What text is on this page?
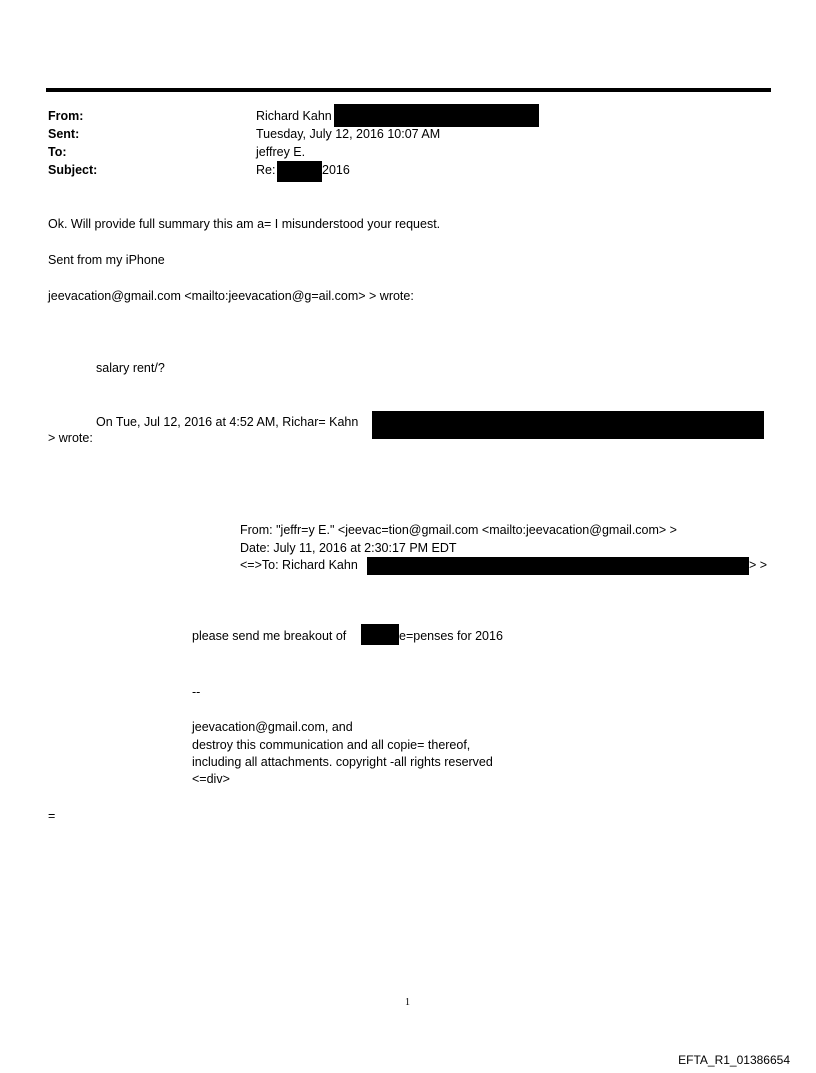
From:	Richard Kahn
Sent:	Tuesday, July 12, 2016 10:07 AM
To:	jeffrey E.
Subject:	Re:	2016
Ok. Will provide full summary this am a= I misunderstood your request.
Sent from my iPhone
jeevacation@gmail.com <mailto:jeevacation@g=ail.com> > wrote:
salary rent/?
On Tue, Jul 12, 2016 at 4:52 AM, Richar= Kahn
> wrote:
From: "jeffr=y E." <jeevac=tion@gmail.com <mailto:jeevacation@gmail.com> >
Date: July 11, 2016 at 2:30:17 PM EDT
<=>To: Richard Kahn	> >
please send me breakout of	e=penses for 2016
--
jeevacation@gmail.com, and
destroy this communication and all copie= thereof,
including all attachments. copyright -all rights reserved
<=div>
=
1
EFTA_R1_01386654
